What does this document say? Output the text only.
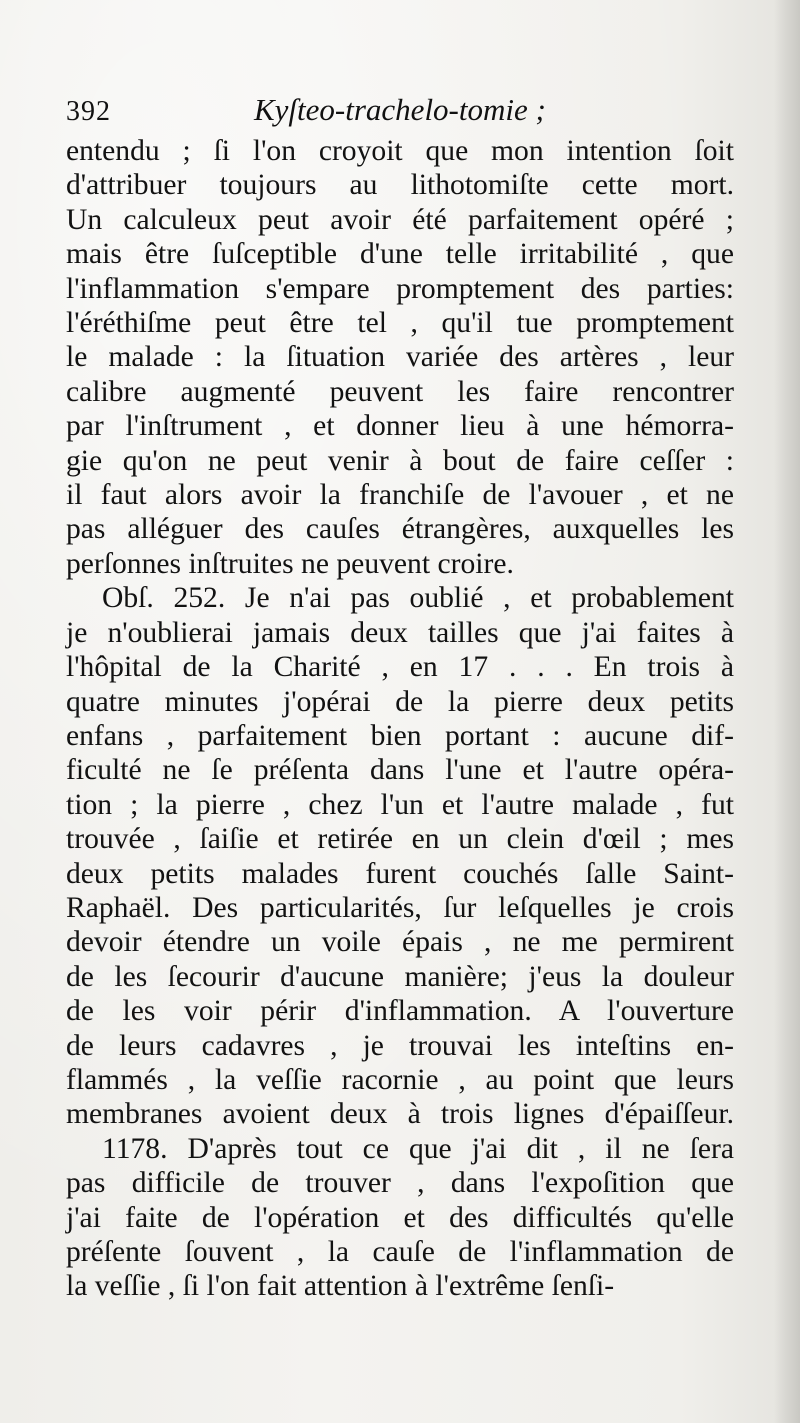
392	Kyſteo-trachelo-tomie ;
entendu ; ſi l'on croyoit que mon intention ſoit
d'attribuer toujours au lithotomiſte cette mort.
Un calculeux peut avoir été parfaitement opéré ;
mais être ſuſceptible d'une telle irritabilité , que
l'inflammation s'empare promptement des parties:
l'éréthiſme peut être tel , qu'il tue promptement
le malade : la ſituation variée des artères , leur
calibre augmenté peuvent les faire rencontrer
par l'inſtrument , et donner lieu à une hémorra-
gie qu'on ne peut venir à bout de faire ceſſer :
il faut alors avoir la franchiſe de l'avouer , et ne
pas alléguer des cauſes étrangères, auxquelles les
perſonnes inſtruites ne peuvent croire.
Obſ. 252. Je n'ai pas oublié , et probablement
je n'oublierai jamais deux tailles que j'ai faites à
l'hôpital de la Charité , en 17 . . . En trois à
quatre minutes j'opérai de la pierre deux petits
enfans , parfaitement bien portant : aucune dif-
ficulté ne ſe préſenta dans l'une et l'autre opéra-
tion ; la pierre , chez l'un et l'autre malade , fut
trouvée , ſaiſie et retirée en un clein d'œil ; mes
deux petits malades furent couchés ſalle Saint-
Raphaël. Des particularités, ſur leſquelles je crois
devoir étendre un voile épais , ne me permirent
de les ſecourir d'aucune manière; j'eus la douleur
de les voir périr d'inflammation. A l'ouverture
de leurs cadavres , je trouvai les inteſtins en-
flammés , la veſſie racornie , au point que leurs
membranes avoient deux à trois lignes d'épaiſſeur.
1178. D'après tout ce que j'ai dit , il ne ſera
pas difficile de trouver , dans l'expoſition que
j'ai faite de l'opération et des difficultés qu'elle
préſente ſouvent , la cauſe de l'inflammation de
la veſſie , ſi l'on fait attention à l'extrême ſenſi-
